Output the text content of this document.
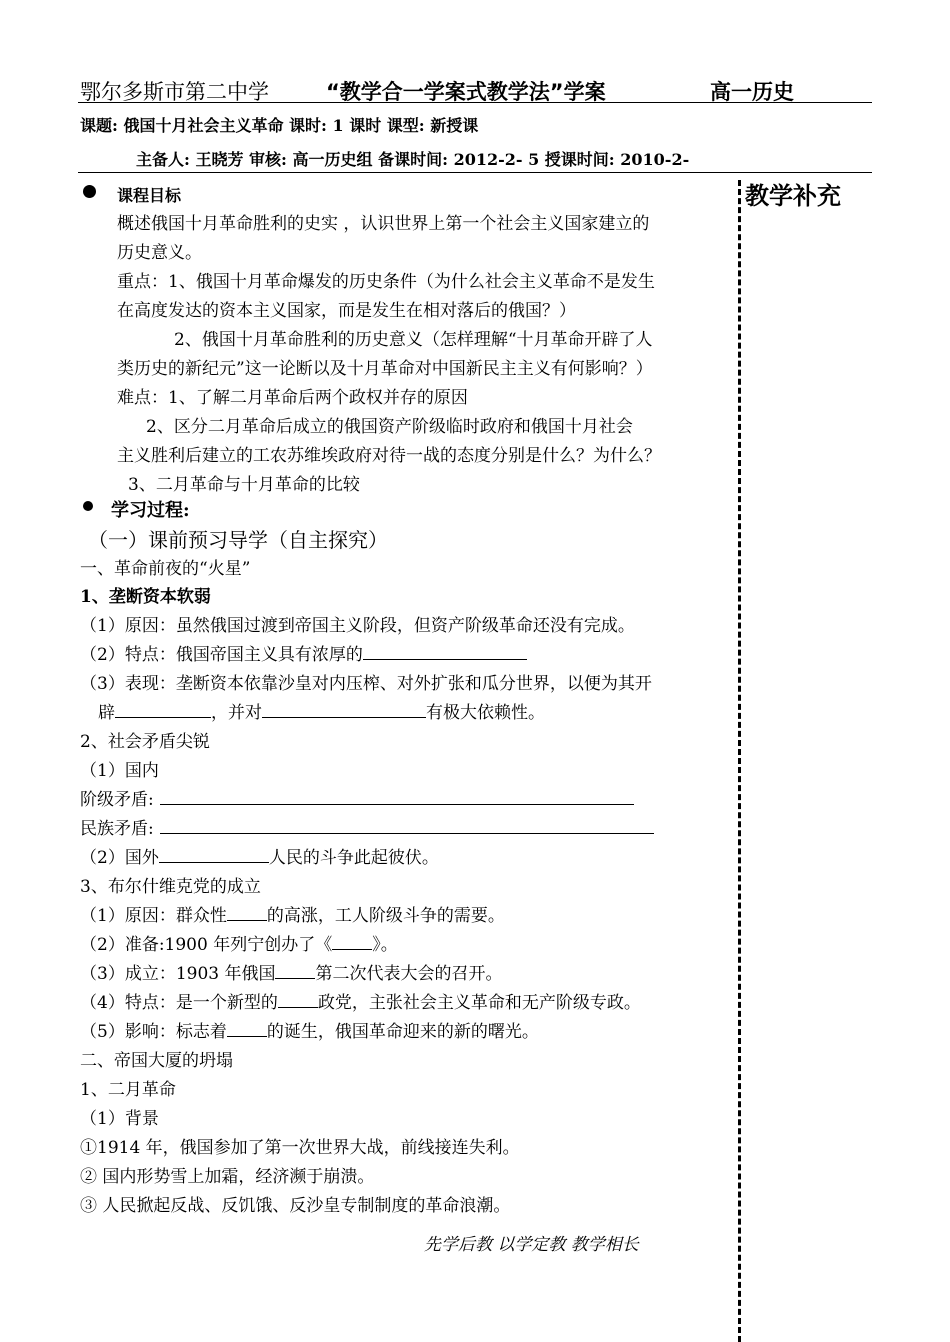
鄂尔多斯市第二中学	“教学合一学案式教学法”学案	高一历史
课题: 俄国十月社会主义革命 课时: 1 课时 课型: 新授课
主备人: 王晓芳 审核: 高一历史组 备课时间: 2012-2- 5 授课时间: 2010-2-
教学补充
课程目标
概述俄国十月革命胜利的史实 ，认识世界上第一个社会主义国家建立的
历史意义。
重点：1、俄国十月革命爆发的历史条件（为什么社会主义革命不是发生
在高度发达的资本主义国家，而是发生在相对落后的俄国？）
2、俄国十月革命胜利的历史意义（怎样理解“十月革命开辟了人
类历史的新纪元”这一论断以及十月革命对中国新民主主义有何影响？）
难点：1、了解二月革命后两个政权并存的原因
2、区分二月革命后成立的俄国资产阶级临时政府和俄国十月社会
主义胜利后建立的工农苏维埃政府对待一战的态度分别是什么？为什么？
3、二月革命与十月革命的比较
学习过程:
（一）课前预习导学（自主探究）
一、革命前夜的“火星”
1、垄断资本软弱
（1）原因：虽然俄国过渡到帝国主义阶段，但资产阶级革命还没有完成。
（2）特点：俄国帝国主义具有浓厚的
（3）表现：垄断资本依靠沙皇对内压榨、对外扩张和瓜分世界，以便为其开
辟	，并对	有极大依赖性。
2、社会矛盾尖锐
（1）国内
阶级矛盾:
民族矛盾:
（2）国外	人民的斗争此起彼伏。
3、布尔什维克党的成立
（1）原因：群众性 的高涨，工人阶级斗争的需要。
（2）准备:1900 年列宁创办了《 》。
（3）成立：1903 年俄国 第二次代表大会的召开。
（4）特点：是一个新型的 政党，主张社会主义革命和无产阶级专政。
（5）影响：标志着 的诞生，俄国革命迎来的新的曙光。
二、帝国大厦的坍塌
1、二月革命
（1）背景
①1914 年，俄国参加了第一次世界大战，前线接连失利。
② 国内形势雪上加霜，经济濒于崩溃。
③ 人民掀起反战、反饥饿、反沙皇专制制度的革命浪潮。
先学后教 以学定教 教学相长
